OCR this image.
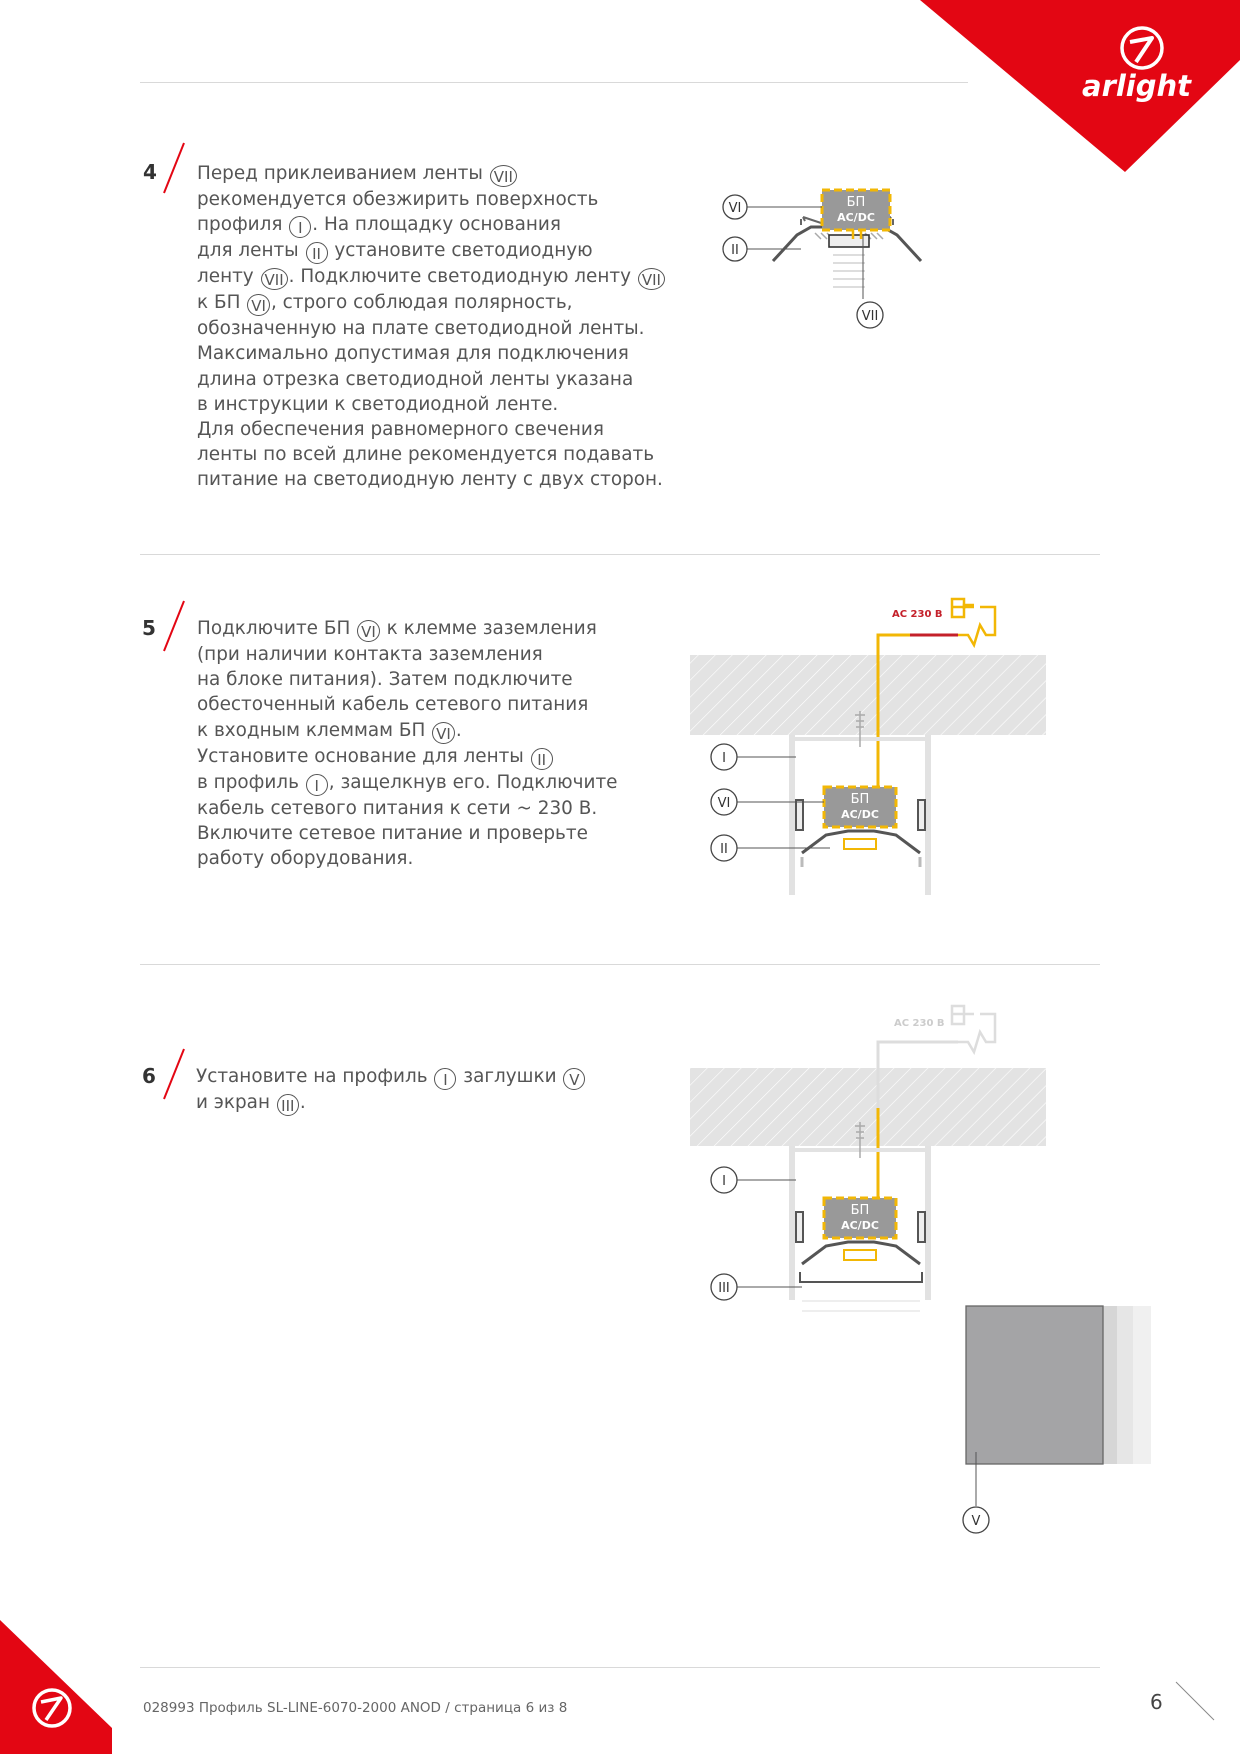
arlight
4 Перед приклеиванием ленты VII
рекомендуется обезжирить поверхность
профиля I . На площадку основания
для ленты II установите светодиодную
ленту VII . Подключите светодиодную ленту VII
к БП VI , строго соблюдая полярность,
обозначенную на плате светодиодной ленты.
Максимально допустимая для подключения
длина отрезка светодиодной ленты указана
в инструкции к светодиодной ленте.
Для обеспечения равномерного свечения
ленты по всей длине рекомендуется подавать
питание на светодиодную ленту с двух сторон.
5 Подключите БП VI к клемме заземления
(при наличии контакта заземления
на блоке питания). Затем подключите
обесточенный кабель сетевого питания
к входным клеммам БП VI .
Установите основание для ленты II
в профиль I , защелкнув его. Подключите
кабель сетевого питания к сети ~ 230 В.
Включите сетевое питание и проверьте
работу оборудования.
6 Установите на профиль I заглушки V
и экран III .
БП
AC/DC
VI
II
VII
AC 230 В
БП
AC/DC
I
VI
II
AC 230 В
БП
AC/DC
I
III
V
028993 Профиль SL-LINE-6070-2000 ANOD / страница 6 из 8	6
